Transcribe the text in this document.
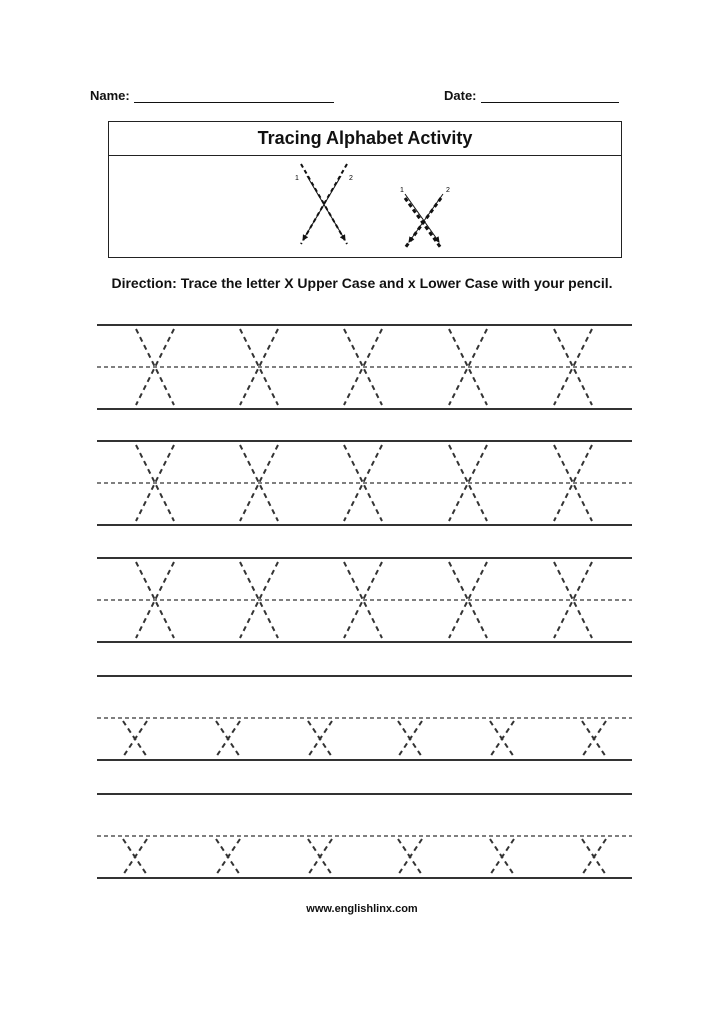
Name:	Date:
Tracing Alphabet Activity
1	2
1	2
Direction: Trace the letter X Upper Case and x Lower Case with your pencil.
www.englishlinx.com
